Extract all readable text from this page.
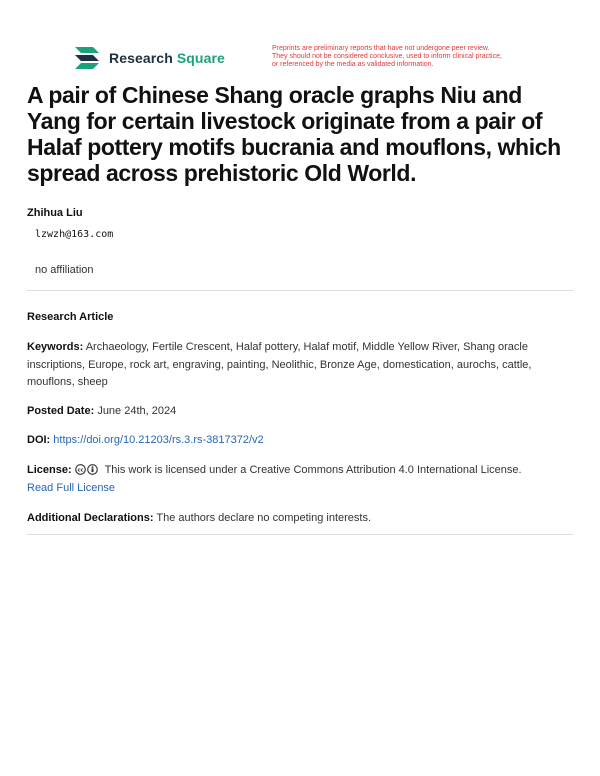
Research Square
Preprints are preliminary reports that have not undergone peer review.
They should not be considered conclusive, used to inform clinical practice,
or referenced by the media as validated information.
A pair of Chinese Shang oracle graphs Niu and Yang for certain livestock originate from a pair of Halaf pottery motifs bucrania and mouflons, which spread across prehistoric Old World.
Zhihua Liu
lzwzh@163.com
no affiliation
Research Article
Keywords: Archaeology, Fertile Crescent, Halaf pottery, Halaf motif, Middle Yellow River, Shang oracle inscriptions, Europe, rock art, engraving, painting, Neolithic, Bronze Age, domestication, aurochs, cattle, mouflons, sheep
Posted Date: June 24th, 2024
DOI: https://doi.org/10.21203/rs.3.rs-3817372/v2
License: cc This work is licensed under a Creative Commons Attribution 4.0 International License.
Read Full License
Additional Declarations: The authors declare no competing interests.
